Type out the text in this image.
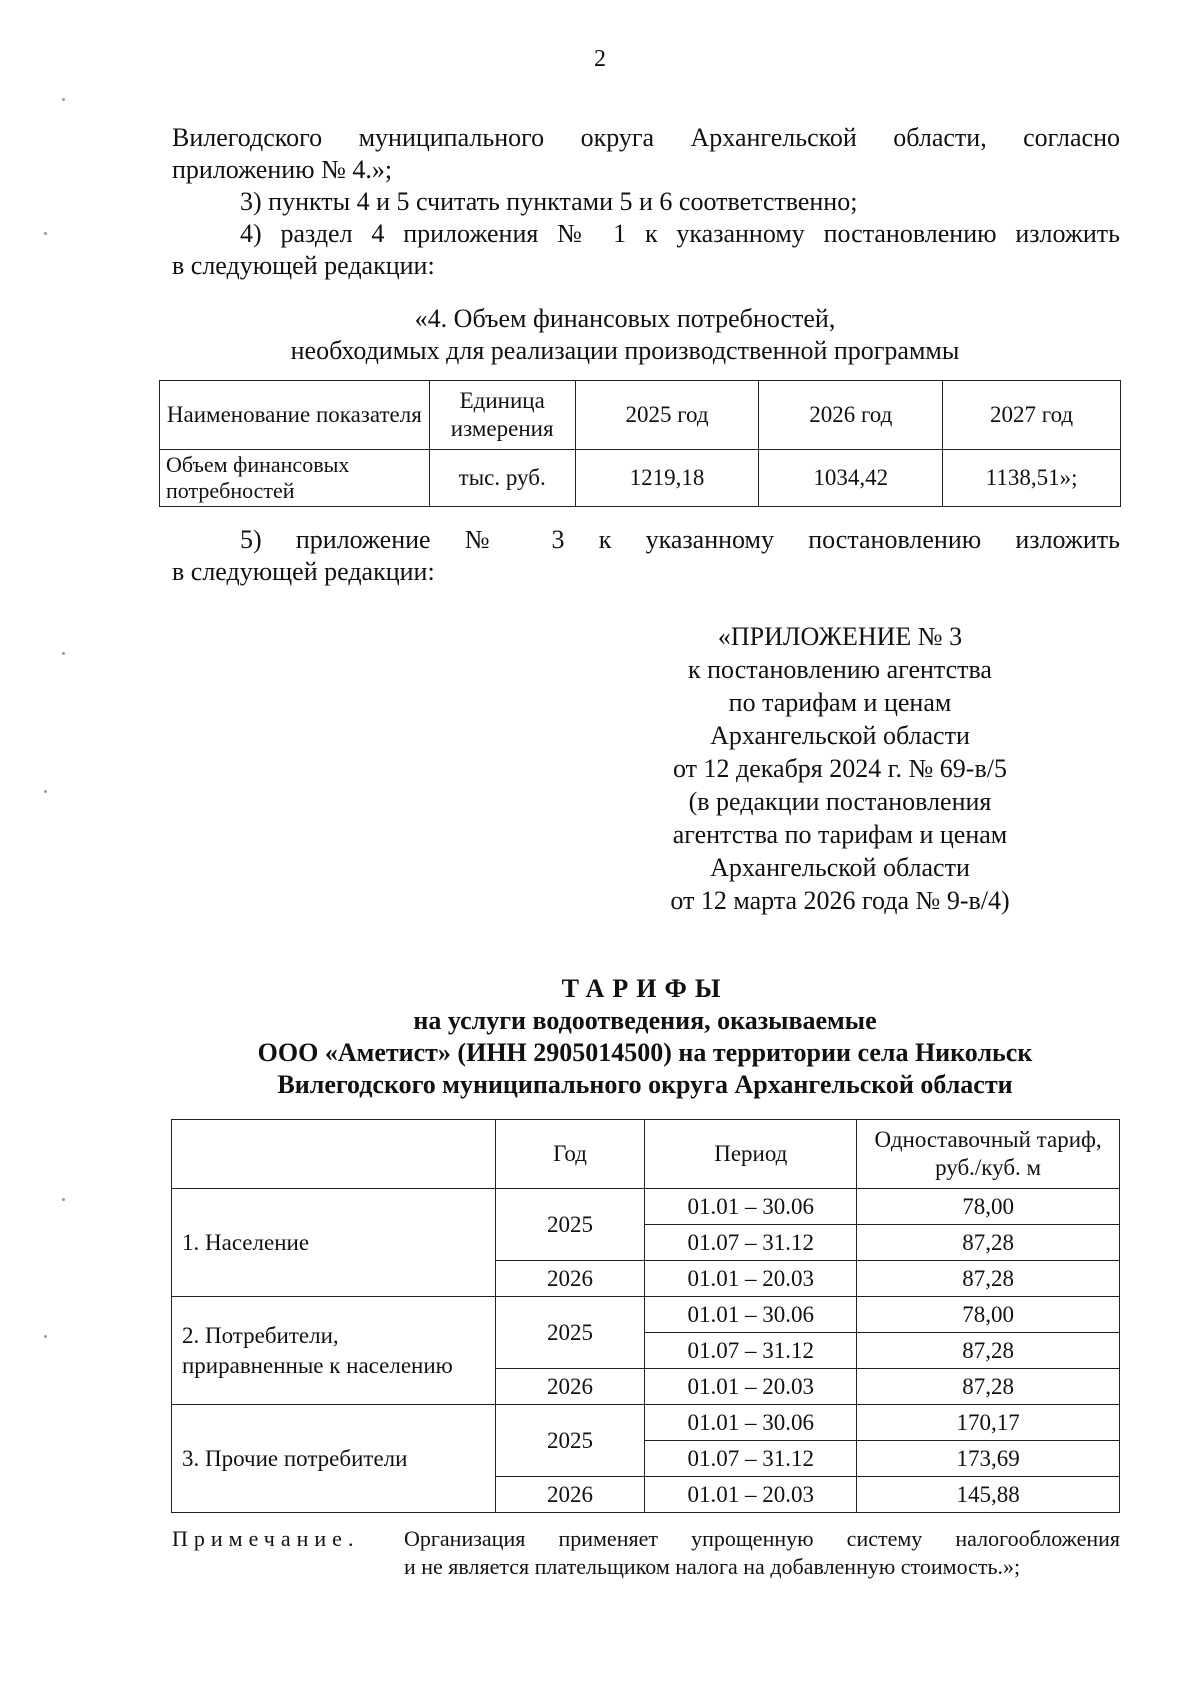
2

Вилегодского муниципального округа Архангельской области, согласно

приложению № 4.»;

3) пункты 4 и 5 считать пунктами 5 и 6 соответственно;

4) раздел 4 приложения № 1 к указанному постановлению изложить

в следующей редакции:

«4. Объем финансовых потребностей,
необходимых для реализации производственной программы
Наименование показателя	Единица измерения	2025 год	2026 год	2027 год
Объем финансовых потребностей	тыс. руб.	1219,18	1034,42	1138,51»;

5) приложение № 3 к указанному постановлению изложить

в следующей редакции:

«ПРИЛОЖЕНИЕ № 3
к постановлению агентства
по тарифам и ценам
Архангельской области
от 12 декабря 2024 г. № 69-в/5
(в редакции постановления
агентства по тарифам и ценам
Архангельской области
от 12 марта 2026 года № 9-в/4)
ТАРИФЫ
на услуги водоотведения, оказываемые
ООО «Аметист» (ИНН 2905014500) на территории села Никольск
Вилегодского муниципального округа Архангельской области
	Год	Период	Одноставочный тариф, руб./куб. м
1. Население	2025	01.01 – 30.06	78,00
		01.07 – 31.12	87,28
	2026	01.01 – 20.03	87,28

2. Потребители,
приравненные к населению	2025	01.01 – 30.06	78,00
		01.07 – 31.12	87,28
	2026	01.01 – 20.03	87,28
3. Прочие потребители	2025	01.01 – 30.06	170,17
		01.07 – 31.12	173,69
	2026	01.01 – 20.03	145,88
Примечание. Организация применяет упрощенную систему налогообложения
и не является плательщиком налога на добавленную стоимость.»;
